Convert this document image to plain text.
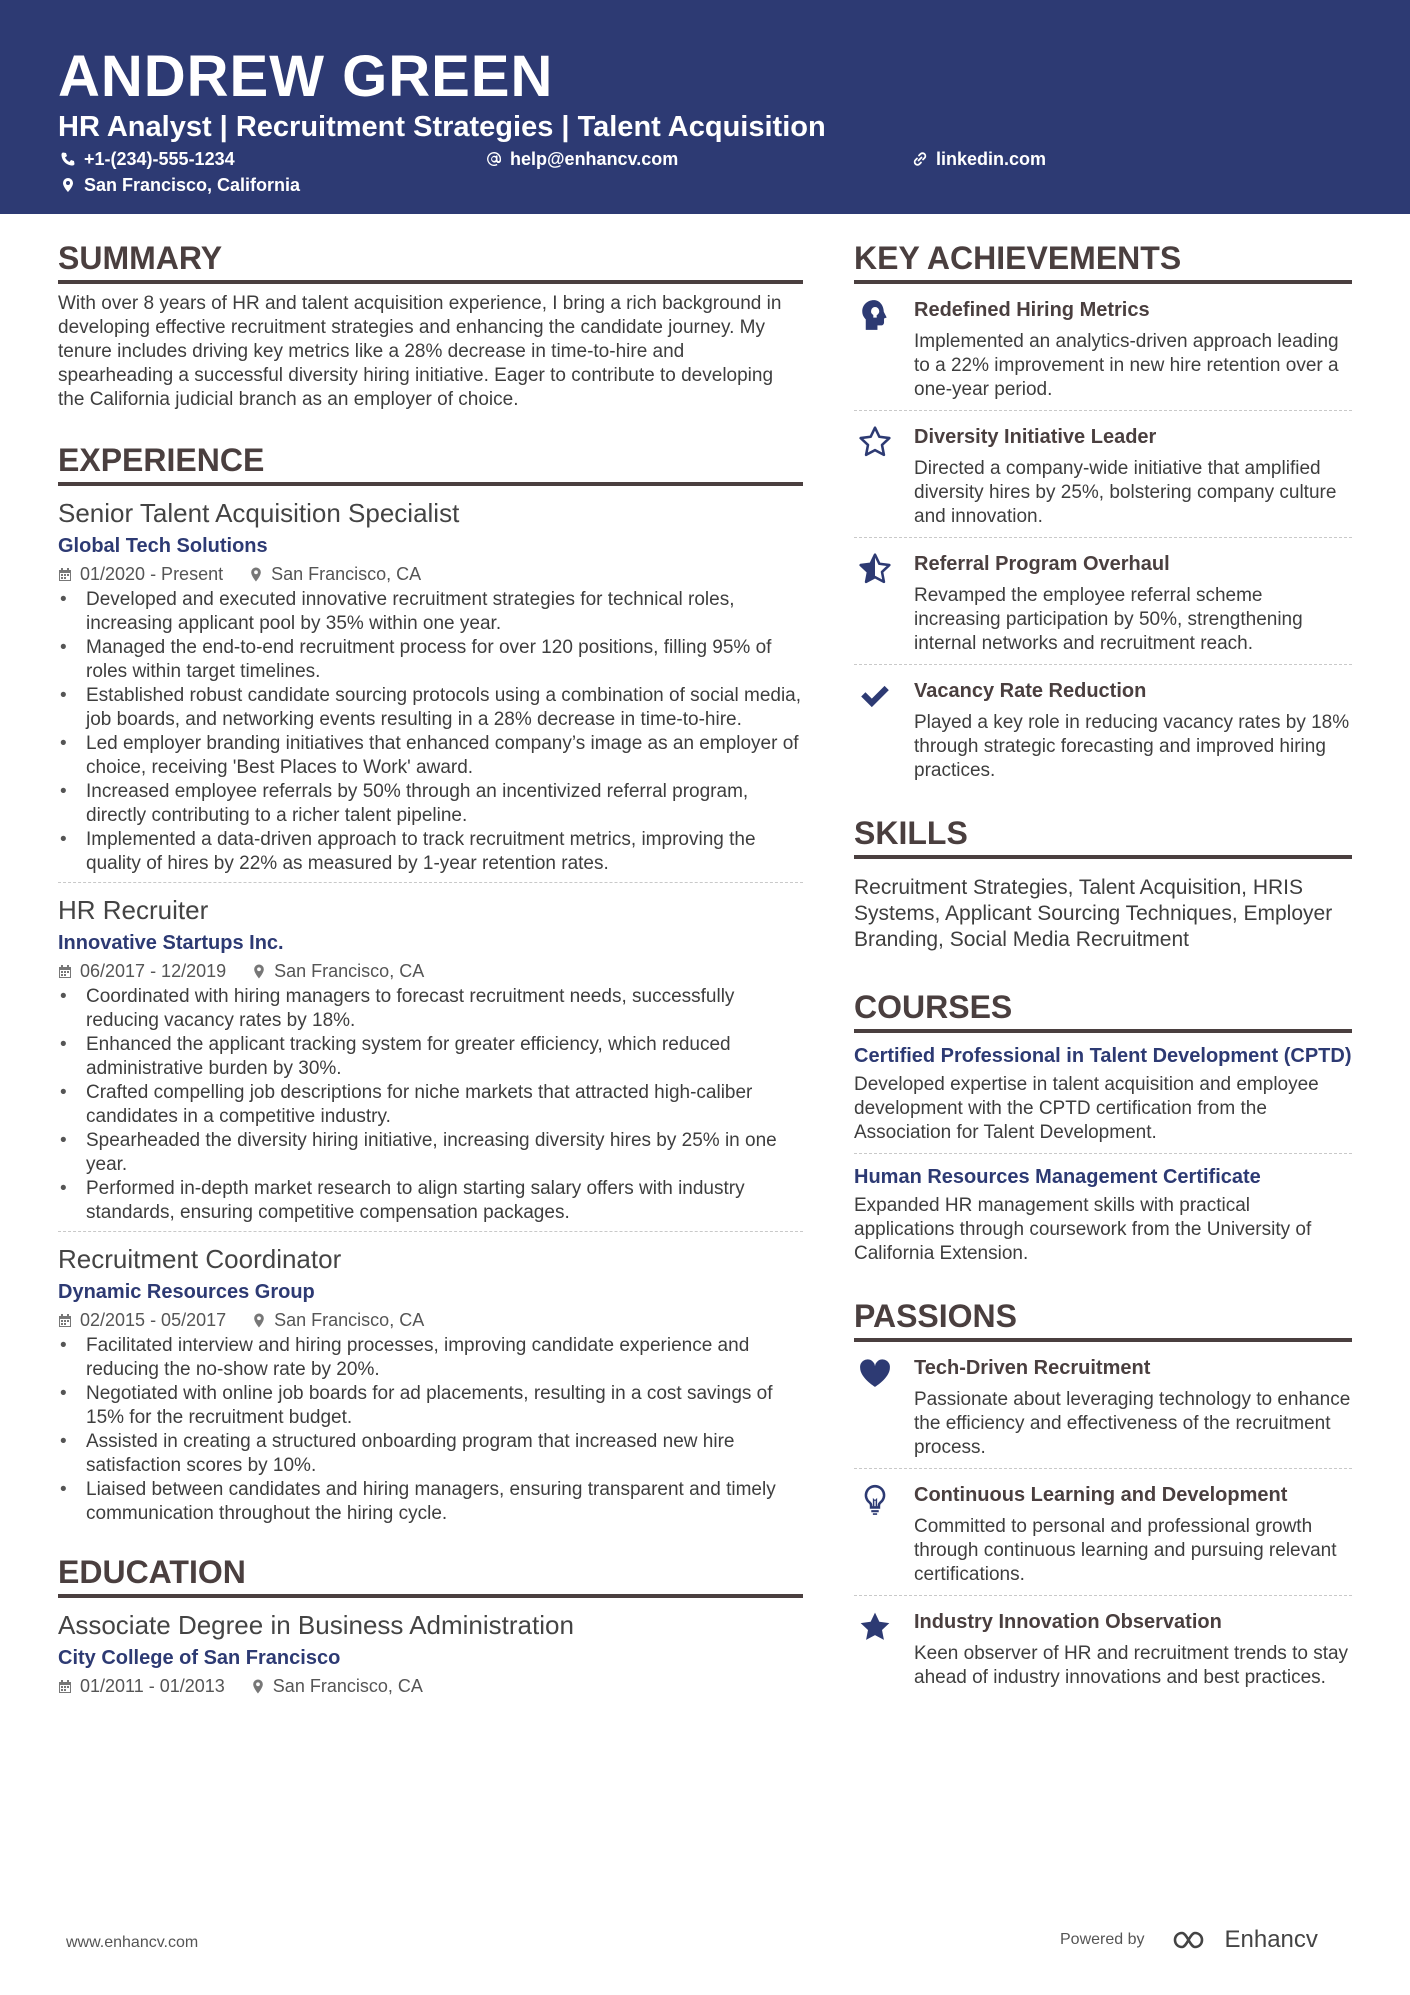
ANDREW GREEN
HR Analyst | Recruitment Strategies | Talent Acquisition
+1-(234)-555-1234	help@enhancv.com	linkedin.com
San Francisco, California
SUMMARY

With over 8 years of HR and talent acquisition experience, I bring a rich background in developing effective recruitment strategies and enhancing the candidate journey. My tenure includes driving key metrics like a 28% decrease in time-to-hire and spearheading a successful diversity hiring initiative. Eager to contribute to developing the California judicial branch as an employer of choice.

EXPERIENCE
Senior Talent Acquisition Specialist
Global Tech Solutions
01/2020 - Present	San Francisco, CA
• Developed and executed innovative recruitment strategies for technical roles, increasing applicant pool by 35% within one year.
• Managed the end-to-end recruitment process for over 120 positions, filling 95% of roles within target timelines.
• Established robust candidate sourcing protocols using a combination of social media, job boards, and networking events resulting in a 28% decrease in time-to-hire.
• Led employer branding initiatives that enhanced company’s image as an employer of choice, receiving 'Best Places to Work' award.
• Increased employee referrals by 50% through an incentivized referral program, directly contributing to a richer talent pipeline.
• Implemented a data-driven approach to track recruitment metrics, improving the quality of hires by 22% as measured by 1-year retention rates.
HR Recruiter
Innovative Startups Inc.
06/2017 - 12/2019	San Francisco, CA
• Coordinated with hiring managers to forecast recruitment needs, successfully reducing vacancy rates by 18%.
• Enhanced the applicant tracking system for greater efficiency, which reduced administrative burden by 30%.
• Crafted compelling job descriptions for niche markets that attracted high-caliber candidates in a competitive industry.
• Spearheaded the diversity hiring initiative, increasing diversity hires by 25% in one year.
• Performed in-depth market research to align starting salary offers with industry standards, ensuring competitive compensation packages.
Recruitment Coordinator
Dynamic Resources Group
02/2015 - 05/2017	San Francisco, CA
• Facilitated interview and hiring processes, improving candidate experience and reducing the no-show rate by 20%.
• Negotiated with online job boards for ad placements, resulting in a cost savings of 15% for the recruitment budget.
• Assisted in creating a structured onboarding program that increased new hire satisfaction scores by 10%.
• Liaised between candidates and hiring managers, ensuring transparent and timely communication throughout the hiring cycle.
EDUCATION
Associate Degree in Business Administration
City College of San Francisco
01/2011 - 01/2013	San Francisco, CA
KEY ACHIEVEMENTS
Redefined Hiring Metrics
Implemented an analytics-driven approach leading to a 22% improvement in new hire retention over a one-year period.
Diversity Initiative Leader
Directed a company-wide initiative that amplified diversity hires by 25%, bolstering company culture and innovation.
Referral Program Overhaul
Revamped the employee referral scheme increasing participation by 50%, strengthening internal networks and recruitment reach.
Vacancy Rate Reduction
Played a key role in reducing vacancy rates by 18% through strategic forecasting and improved hiring practices.
SKILLS
Recruitment Strategies, Talent Acquisition, HRIS Systems, Applicant Sourcing Techniques, Employer Branding, Social Media Recruitment
COURSES
Certified Professional in Talent Development (CPTD)
Developed expertise in talent acquisition and employee development with the CPTD certification from the Association for Talent Development.
Human Resources Management Certificate
Expanded HR management skills with practical applications through coursework from the University of California Extension.
PASSIONS
Tech-Driven Recruitment
Passionate about leveraging technology to enhance the efficiency and effectiveness of the recruitment process.
Continuous Learning and Development
Committed to personal and professional growth through continuous learning and pursuing relevant certifications.
Industry Innovation Observation
Keen observer of HR and recruitment trends to stay ahead of industry innovations and best practices.
www.enhancv.com	Powered by	Enhancv
